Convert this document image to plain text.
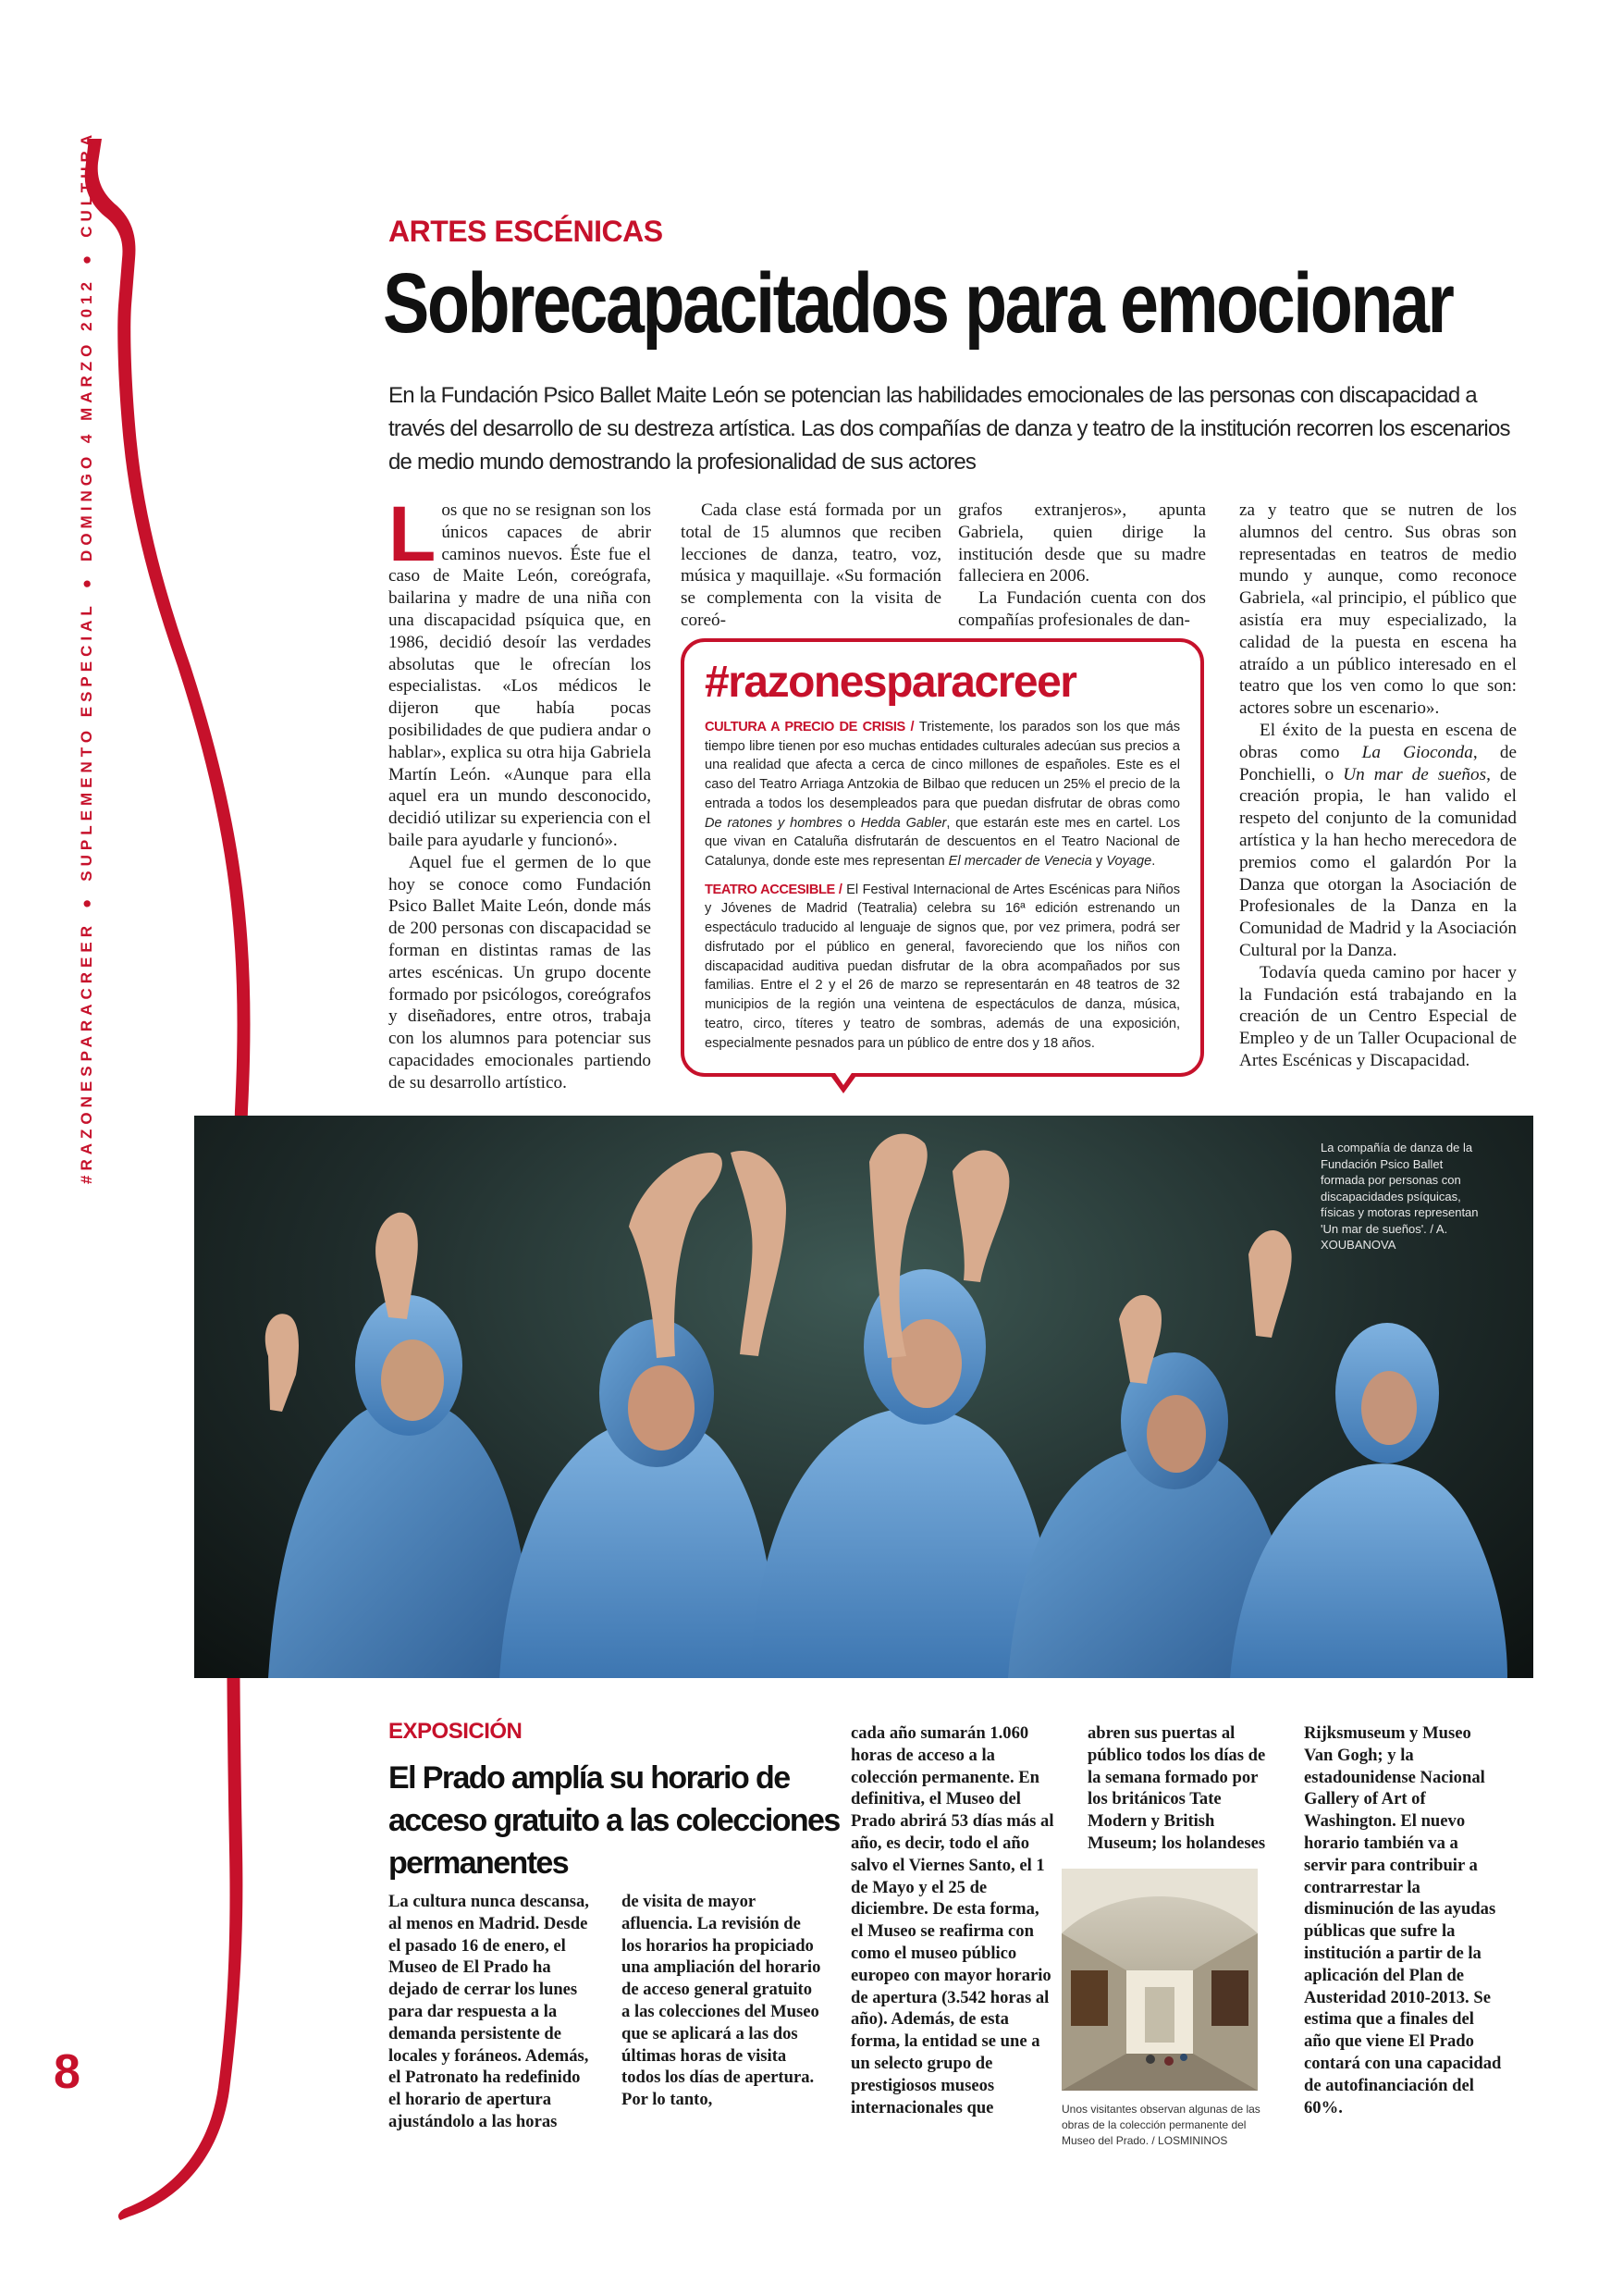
#RAZONESPARACREER
●
SUPLEMENTO ESPECIAL
●
DOMINGO 4 MARZO 2012
●
CULTURA
8
ARTES ESCÉNICAS
Sobrecapacitados para emocionar
En la Fundación Psico Ballet Maite León se potencian las habilidades emocionales de las personas con discapacidad a través del desarrollo de su destreza artística. Las dos compañías de danza y teatro de la institución recorren los escenarios de medio mundo demostrando la profesionalidad de sus actores

Los que no se resignan son los únicos capaces de abrir caminos nuevos. Éste fue el caso de Maite León, coreógrafa, bailarina y madre de una niña con una discapacidad psíquica que, en 1986, decidió desoír las verdades absolutas que le ofrecían los especialistas. «Los médicos le dijeron que había pocas posibilidades de que pudiera andar o hablar», explica su otra hija Gabriela Martín León. «Aunque para ella aquel era un mundo desconocido, decidió utilizar su experiencia con el baile para ayudarle y funcionó».

Aquel fue el germen de lo que hoy se conoce como Fundación Psico Ballet Maite León, donde más de 200 personas con discapacidad se forman en distintas ramas de las artes escénicas. Un grupo docente formado por psicólogos, coreógrafos y diseñadores, entre otros, trabaja con los alumnos para potenciar sus capacidades emocionales partiendo de su desarrollo artístico.

Cada clase está formada por un total de 15 alumnos que reciben lecciones de danza, teatro, voz, música y maquillaje. «Su formación se complementa con la visita de coreó-

grafos extranjeros», apunta Gabriela, quien dirige la institución desde que su madre falleciera en 2006.

La Fundación cuenta con dos compañías profesionales de dan-

za y teatro que se nutren de los alumnos del centro. Sus obras son representadas en teatros de medio mundo y aunque, como reconoce Gabriela, «al principio, el público que asistía era muy especializado, la calidad de la puesta en escena ha atraído a un público interesado en el teatro que los ven como lo que son: actores sobre un escenario».

El éxito de la puesta en escena de obras como La Gioconda, de Ponchielli, o Un mar de sueños, de creación propia, le han valido el respeto del conjunto de la comunidad artística y la han hecho merecedora de premios como el galardón Por la Danza que otorgan la Asociación de Profesionales de la Danza en la Comunidad de Madrid y la Asociación Cultural por la Danza.

Todavía queda camino por hacer y la Fundación está trabajando en la creación de un Centro Especial de Empleo y de un Taller Ocupacional de Artes Escénicas y Discapacidad.

#razonesparacreer

CULTURA A PRECIO DE CRISIS / Tristemente, los parados son los que más tiempo libre tienen por eso muchas entidades culturales adecúan sus precios a una realidad que afecta a cerca de cinco millones de españoles. Este es el caso del Teatro Arriaga Antzokia de Bilbao que reducen un 25% el precio de la entrada a todos los desempleados para que puedan disfrutar de obras como De ratones y hombres o Hedda Gabler, que estarán este mes en cartel. Los que vivan en Cataluña disfrutarán de descuentos en el Teatro Nacional de Catalunya, donde este mes representan El mercader de Venecia y Voyage.

TEATRO ACCESIBLE / El Festival Internacional de Artes Escénicas para Niños y Jóvenes de Madrid (Teatralia) celebra su 16ª edición estrenando un espectáculo traducido al lenguaje de signos que, por vez primera, podrá ser disfrutado por el público en general, favoreciendo que los niños con discapacidad auditiva puedan disfrutar de la obra acompañados por sus familias. Entre el 2 y el 26 de marzo se representarán en 48 teatros de 32 municipios de la región una veintena de espectáculos de danza, música, teatro, circo, títeres y teatro de sombras, además de una exposición, especialmente pesnados para un público de entre dos y 18 años.

La compañía de danza de la Fundación Psico Ballet formada por personas con discapacidades psíquicas, físicas y motoras representan 'Un mar de sueños'. / A. XOUBANOVA
EXPOSICIÓN
El Prado amplía su horario de acceso gratuito a las colecciones permanentes
La cultura nunca descansa, al menos en Madrid. Desde el pasado 16 de enero, el Museo de El Prado ha dejado de cerrar los lunes para dar respuesta a la demanda persistente de locales y foráneos. Además, el Patronato ha redefinido el horario de apertura ajustándolo a las horas
de visita de mayor afluencia. La revisión de los horarios ha propiciado una ampliación del horario de acceso general gratuito a las colecciones del Museo que se aplicará a las dos últimas horas de visita todos los días de apertura. Por lo tanto,
cada año sumarán 1.060 horas de acceso a la colección permanente. En definitiva, el Museo del Prado abrirá 53 días más al año, es decir, todo el año salvo el Viernes Santo, el 1 de Mayo y el 25 de diciembre. De esta forma, el Museo se reafirma con como el museo público europeo con mayor horario de apertura (3.542 horas al año). Además, de esta forma, la entidad se une a un selecto grupo de prestigiosos museos internacionales que
abren sus puertas al público todos los días de la semana formado por los británicos Tate Modern y British Museum; los holandeses
Rijksmuseum y Museo Van Gogh; y la estadounidense Nacional Gallery of Art of Washington. El nuevo horario también va a servir para contribuir a contrarrestar la disminución de las ayudas públicas que sufre la institución a partir de la aplicación del Plan de Austeridad 2010-2013. Se estima que a finales del año que viene El Prado contará con una capacidad de autofinanciación del 60%.
Unos visitantes observan algunas de las obras de la colección permanente del Museo del Prado. / LOSMININOS
